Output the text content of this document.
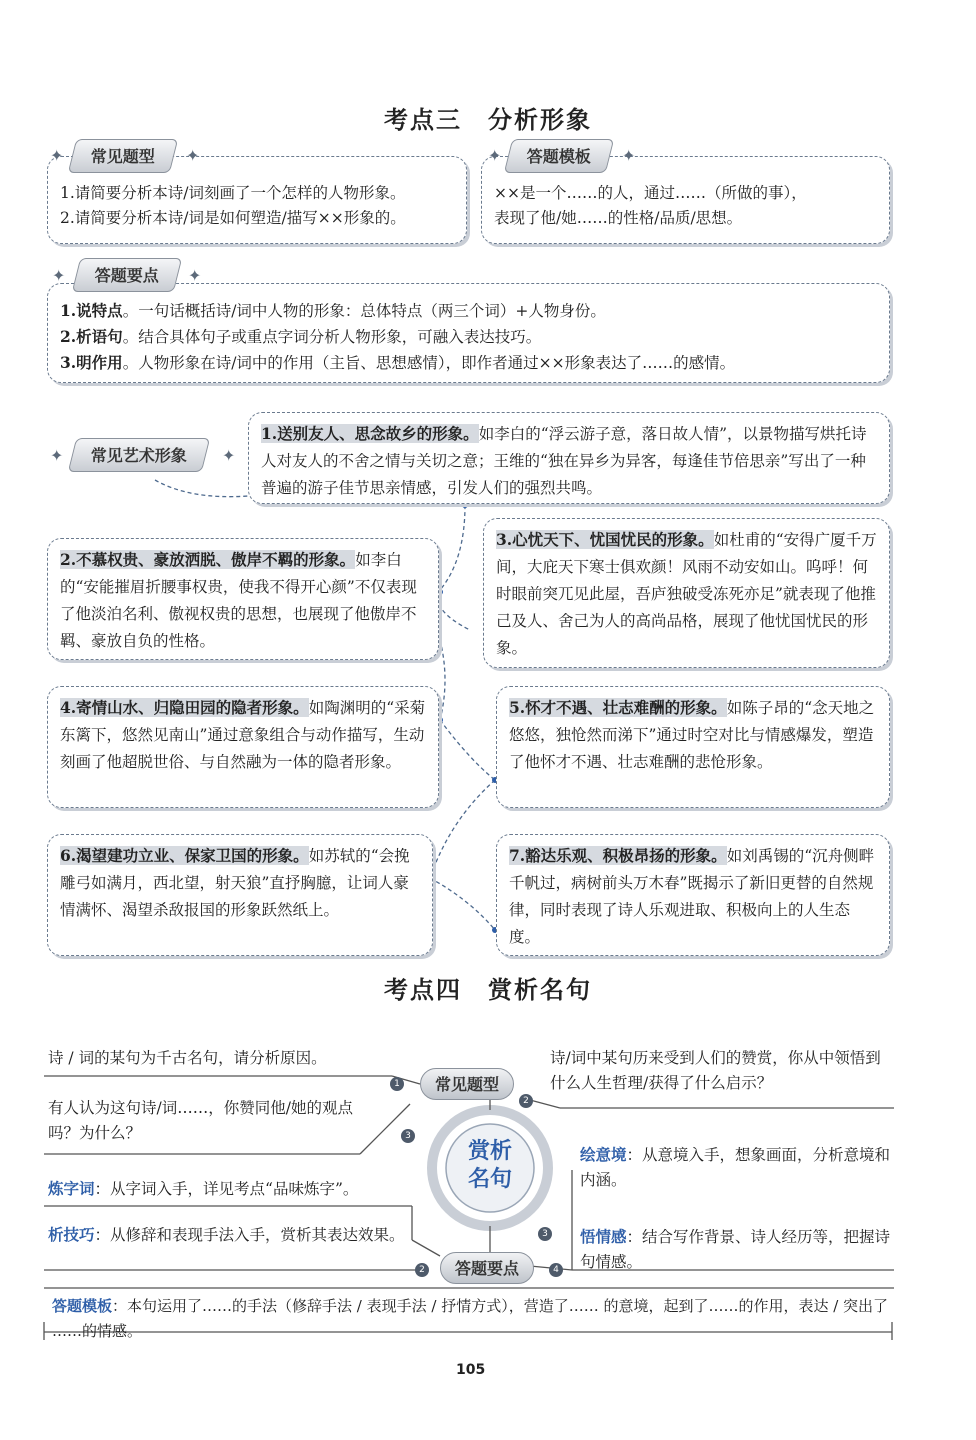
考点三　分析形象

1.请简要分析本诗/词刻画了一个怎样的人物形象。

2.请简要分析本诗/词是如何塑造/描写××形象的。

✦	常见题型	✦

××是一个……的人，通过……（所做的事），

表现了他/她……的性格/品质/思想。

✦	答题模板	✦

1.说特点。一句话概括诗/词中人物的形象：总体特点（两三个词）+人物身份。

2.析语句。结合具体句子或重点字词分析人物形象，可融入表达技巧。

3.明作用。人物形象在诗/词中的作用（主旨、思想感情），即作者通过××形象表达了……的感情。

✦	答题要点	✦
✦	常见艺术形象	✦

1.送别友人、思念故乡的形象。如李白的“浮云游子意，落日故人情”，以景物描写烘托诗人对友人的不舍之情与关切之意；王维的“独在异乡为异客，每逢佳节倍思亲”写出了一种普遍的游子佳节思亲情感，引发人们的强烈共鸣。

2.不慕权贵、豪放洒脱、傲岸不羁的形象。如李白的“安能摧眉折腰事权贵，使我不得开心颜”不仅表现了他淡泊名利、傲视权贵的思想，也展现了他傲岸不羁、豪放自负的性格。

3.心忧天下、忧国忧民的形象。如杜甫的“安得广厦千万间，大庇天下寒士俱欢颜！风雨不动安如山。呜呼！何时眼前突兀见此屋，吾庐独破受冻死亦足”就表现了他推己及人、舍己为人的高尚品格，展现了他忧国忧民的形象。

4.寄情山水、归隐田园的隐者形象。如陶渊明的“采菊东篱下，悠然见南山”通过意象组合与动作描写，生动刻画了他超脱世俗、与自然融为一体的隐者形象。

5.怀才不遇、壮志难酬的形象。如陈子昂的“念天地之悠悠，独怆然而涕下”通过时空对比与情感爆发，塑造了他怀才不遇、壮志难酬的悲怆形象。

6.渴望建功立业、保家卫国的形象。如苏轼的“会挽雕弓如满月，西北望，射天狼”直抒胸臆，让词人豪情满怀、渴望杀敌报国的形象跃然纸上。

7.豁达乐观、积极昂扬的形象。如刘禹锡的“沉舟侧畔千帆过，病树前头万木春”既揭示了新旧更替的自然规律，同时表现了诗人乐观进取、积极向上的人生态度。

考点四　赏析名句
诗 / 词的某句为千古名句，请分析原因。	诗/词中某句历来受到人们的赞赏，你从中领悟到什么人生哲理/获得了什么启示？
有人认为这句诗/词……，你赞同他/她的观点吗？为什么？
常见题型
答题要点
赏析
名句
炼字词：从字词入手，详见考点“品味炼字”。
析技巧：从修辞和表现手法入手，赏析其表达效果。
绘意境：从意境入手，想象画面，分析意境和内涵。
悟情感：结合写作背景、诗人经历等，把握诗句情感。
答题模板：本句运用了……的手法（修辞手法 / 表现手法 / 抒情方式），营造了…… 的意境，起到了……的作用，表达 / 突出了 ……的情感。
1
2
3
2	4
3
105
